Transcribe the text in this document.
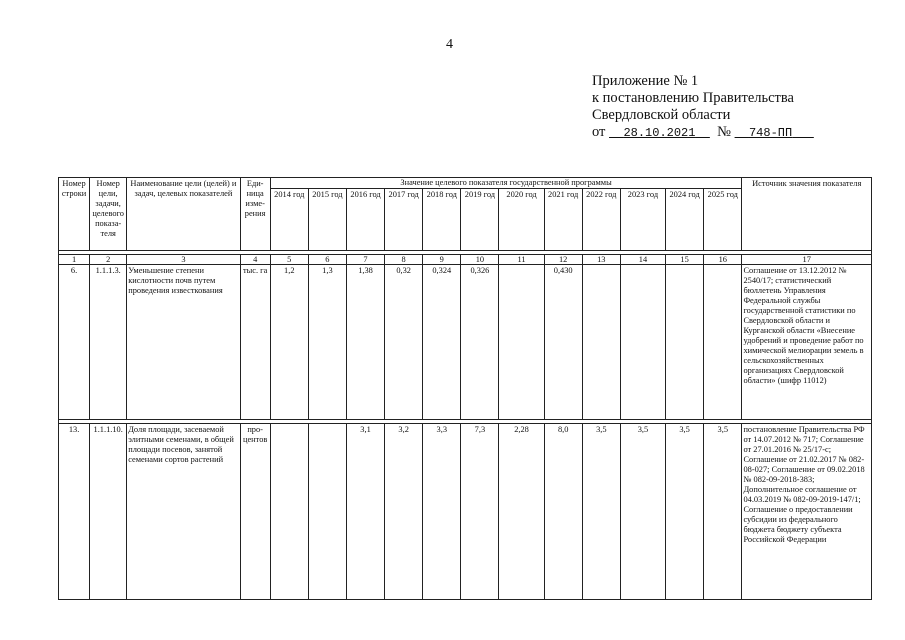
4
Приложение № 1
к постановлению Правительства
Свердловской области
от 28.10.2021 № 748-ПП
Номер строки	Номер цели, задачи, целевого показа-теля	Наименование цели (целей) и задач, целевых показателей	Еди-ница изме-рения	Значение целевого показателя государственной программы												Источник значения показателя
				2014 год	2015 год	2016 год	2017 год	2018 год	2019 год	2020 год	2021 год	2022 год	2023 год	2024 год	2025 год	

1	2	3	4	5	6	7	8	9	10	11	12	13	14	15	16	17
6.	1.1.1.3.	Уменьшение степени кислотности почв путем проведения известкования	тыс. га	1,2	1,3	1,38	0,32	0,324	0,326		0,430					Соглашение от 13.12.2012 № 2540/17; статистический бюллетень Управления Федеральной службы государственной статистики по Свердловской области и Курганской области «Внесение удобрений и проведение работ по химической мелиорации земель в сельскохозяйственных организациях Свердловской области» (шифр 11012)

13.	1.1.1.10.	Доля площади, засеваемой элитными семенами, в общей площади посевов, занятой семенами сортов растений	про-центов			3,1	3,2	3,3	7,3	2,28	8,0	3,5	3,5	3,5	3,5	постановление Правительства РФ от 14.07.2012 № 717; Соглашение от 27.01.2016 № 25/17-с; Соглашение от 21.02.2017 № 082-08-027; Соглашение от 09.02.2018 № 082-09-2018-383; Дополнительное соглашение от 04.03.2019 № 082-09-2019-147/1; Соглашение о предоставлении субсидии из федерального бюджета бюджету субъекта Российской Федерации
